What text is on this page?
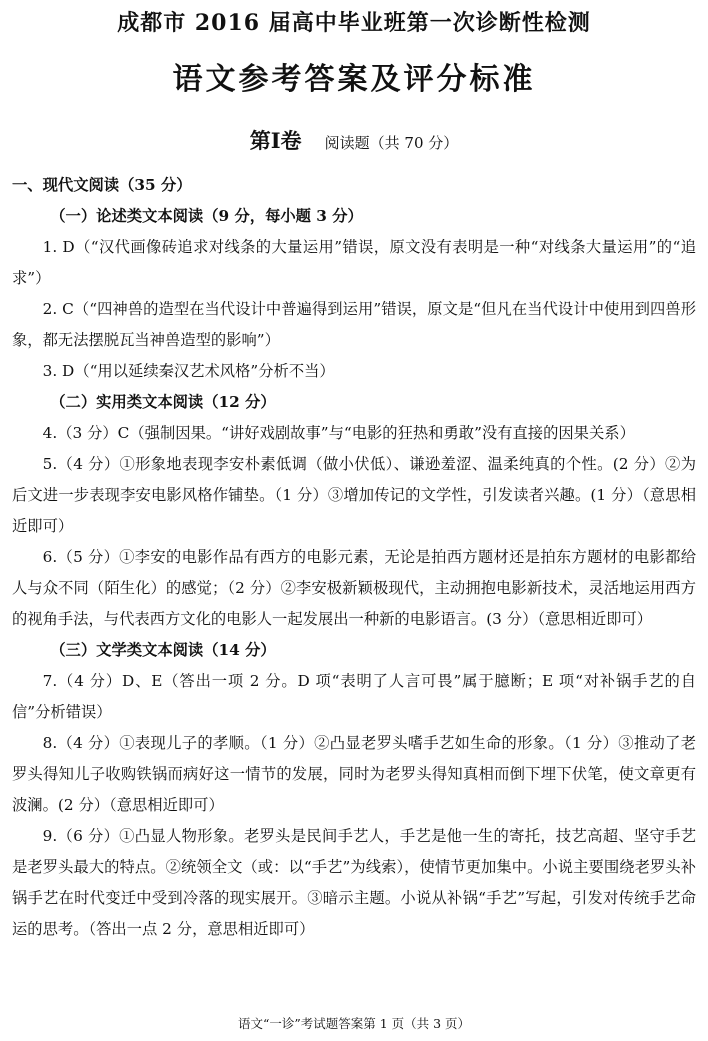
成都市 2016 届高中毕业班第一次诊断性检测
语文参考答案及评分标准
第Ⅰ卷 阅读题（共 70 分）

一、现代文阅读（35 分）

（一）论述类文本阅读（9 分，每小题 3 分）

1. D（“汉代画像砖追求对线条的大量运用”错误，原文没有表明是一种“对线条大量运用”的“追求”）

2. C（“四神兽的造型在当代设计中普遍得到运用”错误，原文是“但凡在当代设计中使用到四兽形象，都无法摆脱瓦当神兽造型的影响”）

3. D（“用以延续秦汉艺术风格”分析不当）

（二）实用类文本阅读（12 分）

4.（3 分）C（强制因果。“讲好戏剧故事”与“电影的狂热和勇敢”没有直接的因果关系）

5.（4 分）①形象地表现李安朴素低调（做小伏低）、谦逊羞涩、温柔纯真的个性。(2 分）②为后文进一步表现李安电影风格作铺垫。（1 分）③增加传记的文学性，引发读者兴趣。(1 分）（意思相近即可）

6.（5 分）①李安的电影作品有西方的电影元素，无论是拍西方题材还是拍东方题材的电影都给人与众不同（陌生化）的感觉；（2 分）②李安极新颖极现代，主动拥抱电影新技术，灵活地运用西方的视角手法，与代表西方文化的电影人一起发展出一种新的电影语言。(3 分）（意思相近即可）

（三）文学类文本阅读（14 分）

7.（4 分）D、E（答出一项 2 分。D 项“表明了人言可畏”属于臆断；E 项“对补锅手艺的自信”分析错误）

8.（4 分）①表现儿子的孝顺。（1 分）②凸显老罗头嗜手艺如生命的形象。（1 分）③推动了老罗头得知儿子收购铁锅而病好这一情节的发展，同时为老罗头得知真相而倒下埋下伏笔，使文章更有波澜。(2 分）（意思相近即可）

9.（6 分）①凸显人物形象。老罗头是民间手艺人，手艺是他一生的寄托，技艺高超、坚守手艺是老罗头最大的特点。②统领全文（或：以“手艺”为线索），使情节更加集中。小说主要围绕老罗头补锅手艺在时代变迁中受到冷落的现实展开。③暗示主题。小说从补锅“手艺”写起，引发对传统手艺命运的思考。（答出一点 2 分，意思相近即可）

语文“一诊”考试题答案第 1 页（共 3 页）
